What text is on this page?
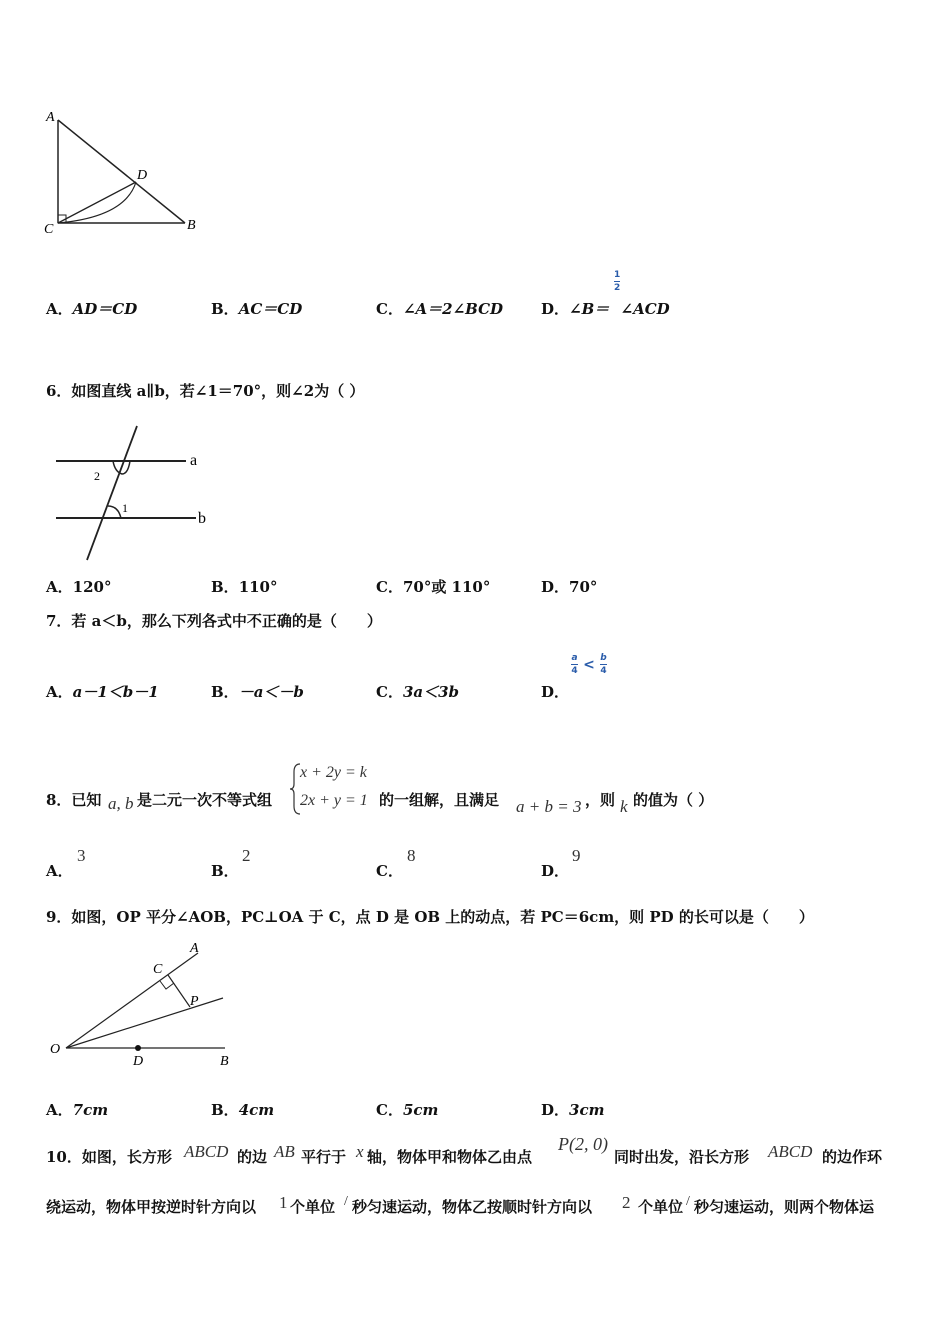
A
C
D
B
A．AD＝CD	B．AC＝CD	C．∠A＝2∠BCD	D．∠B＝ ∠ACD
1
2
6．如图直线 a∥b，若∠1＝70°，则∠2为（ ）
a
b
2
1
A．120°	B．110°	C．70°或 110°	D．70°
7．若 a＜b，那么下列各式中不正确的是（　　）
A．a－1＜b－1	B．－a＜－b	C．3a＜3b	D．
$\frac{a}{4} < \frac{b}{4}$
8．已知 a, b 是二元一次不等式组
x + 2y = k
2x + y = 1 的一组解，且满足 a + b = 3 ，则 k 的值为（ ）
A．
3
B．
2
C．
8
D．
9
9．如图，OP 平分∠AOB，PC⊥OA 于 C，点 D 是 OB 上的动点，若 PC＝6cm，则 PD 的长可以是（　　）
O
A
C
P
D	B
A．7cm	B．4cm	C．5cm	D．3cm
10．如图，长方形 ABCD 的边 AB 平行于 x 轴，物体甲和物体乙由点
P(2, 0)
同时出发，沿长方形 ABCD 的边作环
绕运动，物体甲按逆时针方向以 1 个单位 / 秒匀速运动，物体乙按顺时针方向以 2 个单位 / 秒匀速运动，则两个物体运
